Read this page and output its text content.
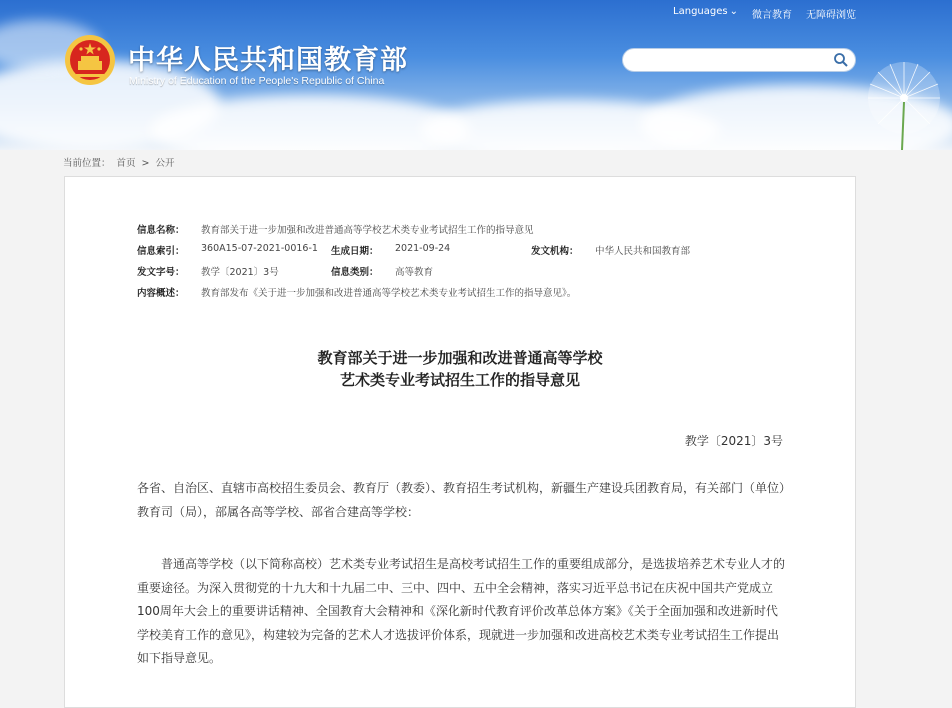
Languages ⌄ 微言教育 无障碍浏览
中华人民共和国教育部
Ministry of Education of the People's Republic of China
当前位置： 首页 > 公开
信息名称： 教育部关于进一步加强和改进普通高等学校艺术类专业考试招生工作的指导意见
信息索引： 360A15-07-2021-0016-1 生成日期： 2021-09-24	发文机构： 中华人民共和国教育部
发文字号： 教学〔2021〕3号	信息类别： 高等教育
内容概述： 教育部发布《关于进一步加强和改进普通高等学校艺术类专业考试招生工作的指导意见》。
教育部关于进一步加强和改进普通高等学校
艺术类专业考试招生工作的指导意见
教学〔2021〕3号
各省、自治区、直辖市高校招生委员会、教育厅（教委）、教育招生考试机构，新疆生产建设兵团教育局，有关部门（单位）教育司（局），部属各高等学校、部省合建高等学校：
普通高等学校（以下简称高校）艺术类专业考试招生是高校考试招生工作的重要组成部分，是选拔培养艺术专业人才的重要途径。为深入贯彻党的十九大和十九届二中、三中、四中、五中全会精神，落实习近平总书记在庆祝中国共产党成立100周年大会上的重要讲话精神、全国教育大会精神和《深化新时代教育评价改革总体方案》《关于全面加强和改进新时代学校美育工作的意见》，构建较为完备的艺术人才选拔评价体系，现就进一步加强和改进高校艺术类专业考试招生工作提出如下指导意见。
